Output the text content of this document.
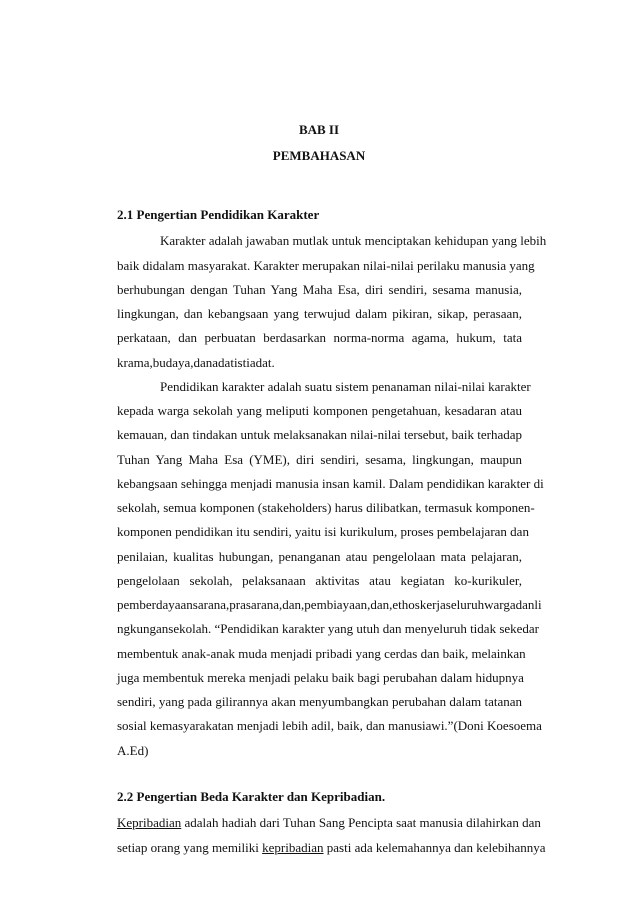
BAB II
PEMBAHASAN
2.1 Pengertian Pendidikan Karakter
Karakter adalah jawaban mutlak untuk menciptakan kehidupan yang lebih
baik didalam masyarakat. Karakter merupakan nilai-nilai perilaku manusia yang
berhubungan dengan Tuhan Yang Maha Esa, diri sendiri, sesama manusia,
lingkungan, dan kebangsaan yang terwujud dalam pikiran, sikap, perasaan,
perkataan, dan perbuatan berdasarkan norma-norma agama, hukum, tata
krama,budaya,danadatistiadat.
Pendidikan karakter adalah suatu sistem penanaman nilai-nilai karakter
kepada warga sekolah yang meliputi komponen pengetahuan, kesadaran atau
kemauan, dan tindakan untuk melaksanakan nilai-nilai tersebut, baik terhadap
Tuhan Yang Maha Esa (YME), diri sendiri, sesama, lingkungan, maupun
kebangsaan sehingga menjadi manusia insan kamil. Dalam pendidikan karakter di
sekolah, semua komponen (stakeholders) harus dilibatkan, termasuk komponen-
komponen pendidikan itu sendiri, yaitu isi kurikulum, proses pembelajaran dan
penilaian, kualitas hubungan, penanganan atau pengelolaan mata pelajaran,
pengelolaan sekolah, pelaksanaan aktivitas atau kegiatan ko-kurikuler,
pemberdayaansarana,prasarana,dan,pembiayaan,dan,ethoskerjaseluruhwargadanli
ngkungansekolah. “Pendidikan karakter yang utuh dan menyeluruh tidak sekedar
membentuk anak-anak muda menjadi pribadi yang cerdas dan baik, melainkan
juga membentuk mereka menjadi pelaku baik bagi perubahan dalam hidupnya
sendiri, yang pada gilirannya akan menyumbangkan perubahan dalam tatanan
sosial kemasyarakatan menjadi lebih adil, baik, dan manusiawi.”(Doni Koesoema
A.Ed)
2.2 Pengertian Beda Karakter dan Kepribadian.
Kepribadian adalah hadiah dari Tuhan Sang Pencipta saat manusia dilahirkan dan
setiap orang yang memiliki kepribadian pasti ada kelemahannya dan kelebihannya
